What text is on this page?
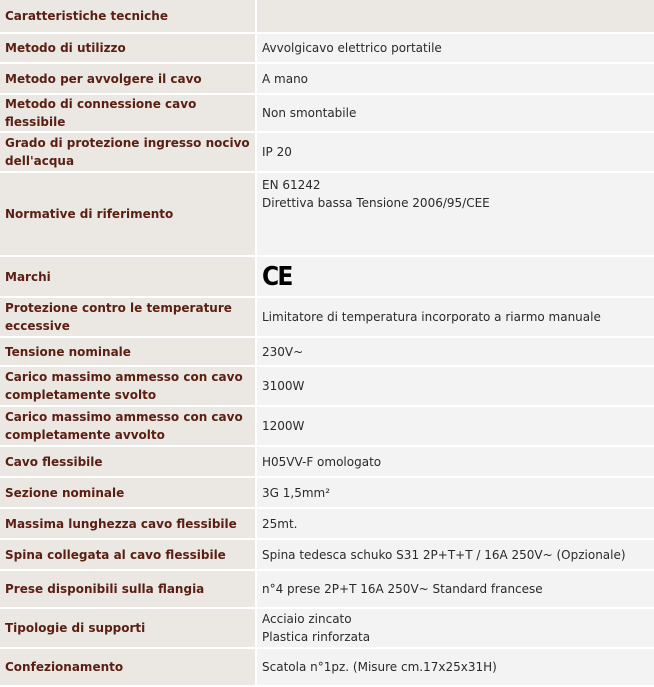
Caratteristiche tecniche	
Metodo di utilizzo	Avvolgicavo elettrico portatile
Metodo per avvolgere il cavo	A mano
Metodo di connessione cavo flessibile	Non smontabile
Grado di protezione ingresso nocivo dell'acqua	IP 20
Normative di riferimento	EN 61242
Direttiva bassa Tensione 2006/95/CEE

Marchi	CE
Protezione contro le temperature eccessive	Limitatore di temperatura incorporato a riarmo manuale
Tensione nominale	230V~
Carico massimo ammesso con cavo completamente svolto	3100W
Carico massimo ammesso con cavo completamente avvolto	1200W
Cavo flessibile	H05VV-F omologato
Sezione nominale	3G 1,5mm²
Massima lunghezza cavo flessibile	25mt.
Spina collegata al cavo flessibile	Spina tedesca schuko S31 2P+T+T / 16A 250V~ (Opzionale)
Prese disponibili sulla flangia	n°4 prese 2P+T 16A 250V~ Standard francese
Tipologie di supporti	Acciaio zincato
Plastica rinforzata

Confezionamento	Scatola n°1pz. (Misure cm.17x25x31H)
